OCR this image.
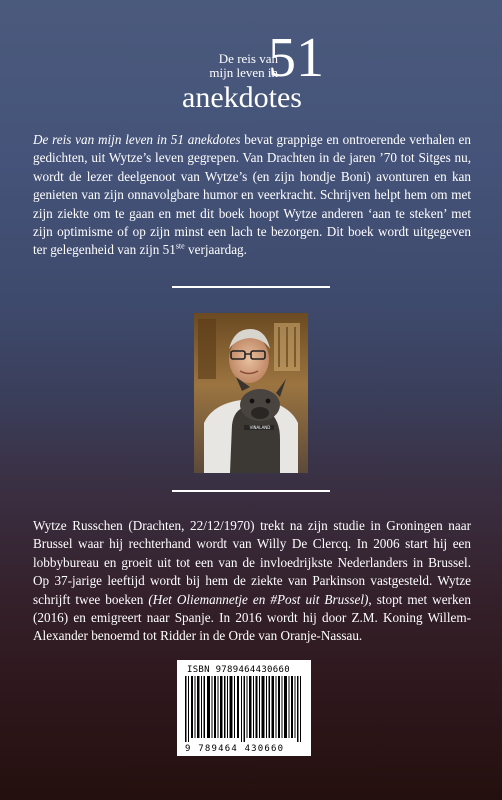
De reis van
mijn leven in
51
anekdotes

De reis van mijn leven in 51 anekdotes bevat grappige en ontroerende verhalen en gedichten, uit Wytze’s leven gegrepen. Van Drachten in de jaren ’70 tot Sitges nu, wordt de lezer deelgenoot van Wytze’s (en zijn hondje Boni) avonturen en kan genieten van zijn onnavolgbare humor en veerkracht. Schrijven helpt hem om met zijn ziekte om te gaan en met dit boek hoopt Wytze anderen ‘aan te steken’ met zijn optimisme of op zijn minst een lach te bezorgen. Dit boek wordt uitgegeven ter gelegenheid van zijn 51ste verjaardag.

VINALAND

Wytze Russchen (Drachten, 22/12/1970) trekt na zijn studie in Groningen naar Brussel waar hij rechterhand wordt van Willy De Clercq. In 2006 start hij een lobbybureau en groeit uit tot een van de invloedrijkste Nederlanders in Brussel. Op 37-jarige leeftijd wordt bij hem de ziekte van Parkinson vastgesteld. Wytze schrijft twee boeken (Het Oliemannetje en #Post uit Brussel), stopt met werken (2016) en emigreert naar Spanje. In 2016 wordt hij door Z.M. Koning Willem-Alexander benoemd tot Ridder in de Orde van Oranje-Nassau.

ISBN 9789464430660
9 789464 430660
